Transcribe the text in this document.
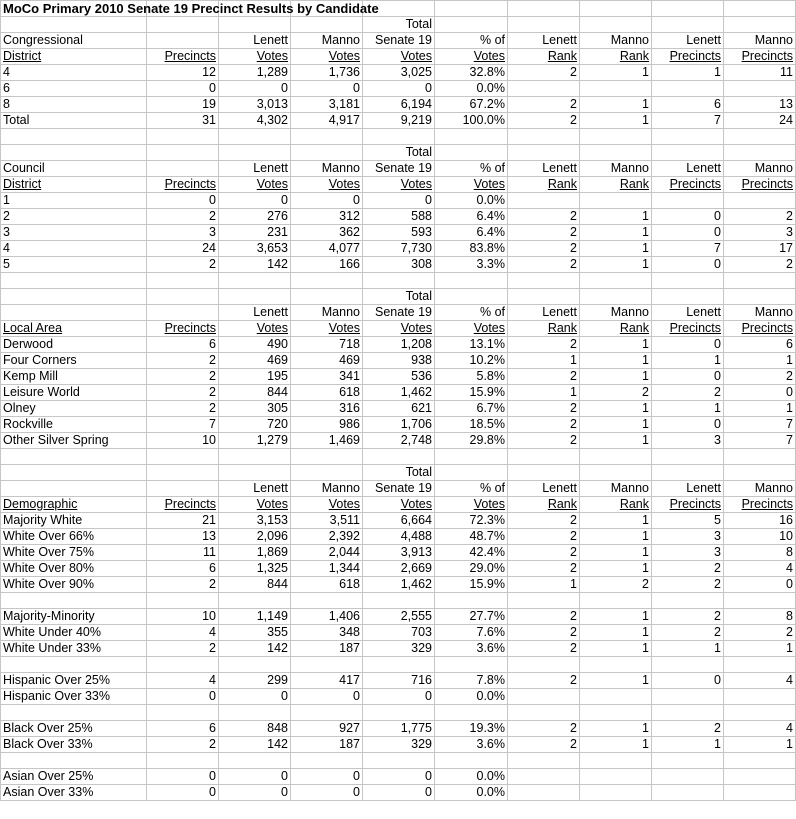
MoCo Primary 2010 Senate 19 Precinct Results by Candidate									
				Total					
Congressional		Lenett	Manno	Senate 19	% of	Lenett	Manno	Lenett	Manno
District	Precincts	Votes	Votes	Votes	Votes	Rank	Rank	Precincts	Precincts
4	12	1,289	1,736	3,025	32.8%	2	1	1	11
6	0	0	0	0	0.0%				
8	19	3,013	3,181	6,194	67.2%	2	1	6	13
Total	31	4,302	4,917	9,219	100.0%	2	1	7	24

				Total					
Council		Lenett	Manno	Senate 19	% of	Lenett	Manno	Lenett	Manno
District	Precincts	Votes	Votes	Votes	Votes	Rank	Rank	Precincts	Precincts
1	0	0	0	0	0.0%				
2	2	276	312	588	6.4%	2	1	0	2
3	3	231	362	593	6.4%	2	1	0	3
4	24	3,653	4,077	7,730	83.8%	2	1	7	17
5	2	142	166	308	3.3%	2	1	0	2

				Total					
		Lenett	Manno	Senate 19	% of	Lenett	Manno	Lenett	Manno
Local Area	Precincts	Votes	Votes	Votes	Votes	Rank	Rank	Precincts	Precincts
Derwood	6	490	718	1,208	13.1%	2	1	0	6
Four Corners	2	469	469	938	10.2%	1	1	1	1
Kemp Mill	2	195	341	536	5.8%	2	1	0	2
Leisure World	2	844	618	1,462	15.9%	1	2	2	0
Olney	2	305	316	621	6.7%	2	1	1	1
Rockville	7	720	986	1,706	18.5%	2	1	0	7
Other Silver Spring	10	1,279	1,469	2,748	29.8%	2	1	3	7

				Total					
		Lenett	Manno	Senate 19	% of	Lenett	Manno	Lenett	Manno
Demographic	Precincts	Votes	Votes	Votes	Votes	Rank	Rank	Precincts	Precincts
Majority White	21	3,153	3,511	6,664	72.3%	2	1	5	16
White Over 66%	13	2,096	2,392	4,488	48.7%	2	1	3	10
White Over 75%	11	1,869	2,044	3,913	42.4%	2	1	3	8
White Over 80%	6	1,325	1,344	2,669	29.0%	2	1	2	4
White Over 90%	2	844	618	1,462	15.9%	1	2	2	0

Majority-Minority	10	1,149	1,406	2,555	27.7%	2	1	2	8
White Under 40%	4	355	348	703	7.6%	2	1	2	2
White Under 33%	2	142	187	329	3.6%	2	1	1	1

Hispanic Over 25%	4	299	417	716	7.8%	2	1	0	4
Hispanic Over 33%	0	0	0	0	0.0%				

Black Over 25%	6	848	927	1,775	19.3%	2	1	2	4
Black Over 33%	2	142	187	329	3.6%	2	1	1	1

Asian Over 25%	0	0	0	0	0.0%				
Asian Over 33%	0	0	0	0	0.0%				
